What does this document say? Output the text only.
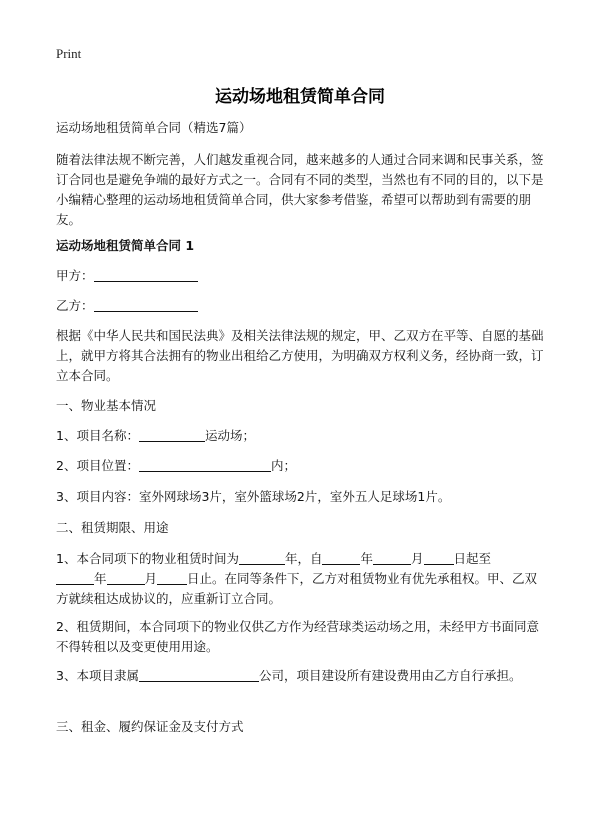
Print
运动场地租赁简单合同
运动场地租赁简单合同（精选7篇）
随着法律法规不断完善，人们越发重视合同，越来越多的人通过合同来调和民事关系，签订合同也是避免争端的最好方式之一。合同有不同的类型，当然也有不同的目的，以下是小编精心整理的运动场地租赁简单合同，供大家参考借鉴，希望可以帮助到有需要的朋友。
运动场地租赁简单合同 1
甲方：
乙方：
根据《中华人民共和国民法典》及相关法律法规的规定，甲、乙双方在平等、自愿的基础上，就甲方将其合法拥有的物业出租给乙方使用，为明确双方权利义务，经协商一致，订立本合同。
一、物业基本情况
1、项目名称：	运动场；
2、项目位置：	内；
3、项目内容：室外网球场3片，室外篮球场2片，室外五人足球场1片。
二、租赁期限、用途
1、本合同项下的物业租赁时间为	年，自	年	月 日起至
年	月 日止。在同等条件下，乙方对租赁物业有优先承租权。甲、乙双方就续租达成协议的，应重新订立合同。
2、租赁期间，本合同项下的物业仅供乙方作为经营球类运动场之用，未经甲方书面同意不得转租以及变更使用用途。
3、本项目隶属	公司，项目建设所有建设费用由乙方自行承担。
三、租金、履约保证金及支付方式
